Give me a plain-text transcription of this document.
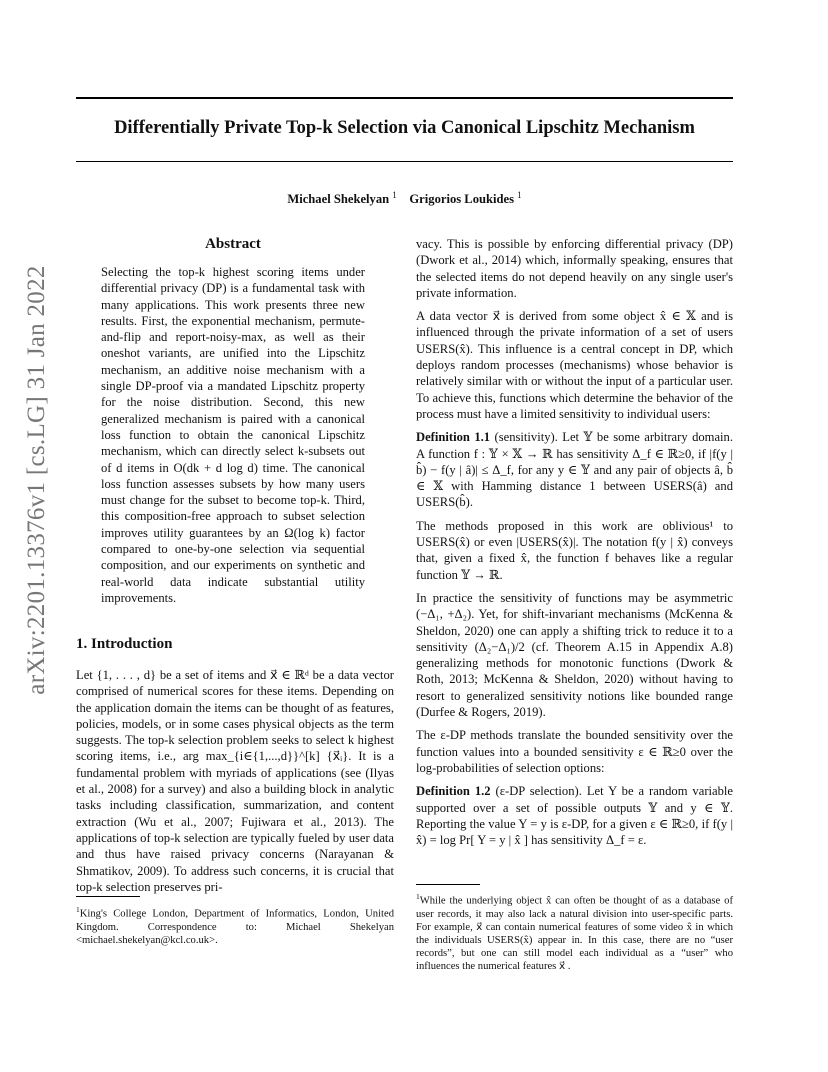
Differentially Private Top-k Selection via Canonical Lipschitz Mechanism
Michael Shekelyan $^1$ Grigorios Loukides $^1$
arXiv:2201.13376v1 [cs.LG] 31 Jan 2022
Abstract
Selecting the top-k highest scoring items under differential privacy (DP) is a fundamental task with many applications. This work presents three new results. First, the exponential mechanism, permute-and-flip and report-noisy-max, as well as their oneshot variants, are unified into the Lipschitz mechanism, an additive noise mechanism with a single DP-proof via a mandated Lipschitz property for the noise distribution. Second, this new generalized mechanism is paired with a canonical loss function to obtain the canonical Lipschitz mechanism, which can directly select k-subsets out of d items in O(dk + d log d) time. The canonical loss function assesses subsets by how many users must change for the subset to become top-k. Third, this composition-free approach to subset selection improves utility guarantees by an Ω(log k) factor compared to one-by-one selection via sequential composition, and our experiments on synthetic and real-world data indicate substantial utility improvements.
1. Introduction
Let {1, . . . , d} be a set of items and x⃗ ∈ ℝᵈ be a data vector comprised of numerical scores for these items. Depending on the application domain the items can be thought of as features, policies, models, or in some cases physical objects as the term suggests. The top-k selection problem seeks to select k highest scoring items, i.e., arg max_{i∈{1,...,d}}^[k] {x⃗ᵢ}. It is a fundamental problem with myriads of applications (see (Ilyas et al., 2008) for a survey) and also a building block in analytic tasks including classification, summarization, and content extraction (Wu et al., 2007; Fujiwara et al., 2013). The applications of top-k selection are typically fueled by user data and thus have raised privacy concerns (Narayanan & Shmatikov, 2009). To address such concerns, it is crucial that top-k selection preserves pri-

vacy. This is possible by enforcing differential privacy (DP) (Dwork et al., 2014) which, informally speaking, ensures that the selected items do not depend heavily on any single user's private information.

A data vector x⃗ is derived from some object x̂ ∈ 𝕏 and is influenced through the private information of a set of users USERS(x̂). This influence is a central concept in DP, which deploys random processes (mechanisms) whose behavior is relatively similar with or without the input of a particular user. To achieve this, functions which determine the behavior of the process must have a limited sensitivity to individual users:

Definition 1.1 (sensitivity). Let 𝕐 be some arbitrary domain. A function f : 𝕐 × 𝕏 → ℝ has sensitivity Δ_f ∈ ℝ≥0, if |f(y | b̂) − f(y | â)| ≤ Δ_f, for any y ∈ 𝕐 and any pair of objects â, b̂ ∈ 𝕏 with Hamming distance 1 between USERS(â) and USERS(b̂).

The methods proposed in this work are oblivious¹ to USERS(x̂) or even |USERS(x̂)|. The notation f(y | x̂) conveys that, given a fixed x̂, the function f behaves like a regular function 𝕐 → ℝ.

In practice the sensitivity of functions may be asymmetric (−Δ₁, +Δ₂). Yet, for shift-invariant mechanisms (McKenna & Sheldon, 2020) one can apply a shifting trick to reduce it to a sensitivity (Δ₂−Δ₁)/2 (cf. Theorem A.15 in Appendix A.8) generalizing methods for monotonic functions (Dwork & Roth, 2013; McKenna & Sheldon, 2020) without having to resort to generalized sensitivity notions like bounded range (Durfee & Rogers, 2019).

The ε-DP methods translate the bounded sensitivity over the function values into a bounded sensitivity ε ∈ ℝ≥0 over the log-probabilities of selection options:

Definition 1.2 (ε-DP selection). Let Y be a random variable supported over a set of possible outputs 𝕐 and y ∈ 𝕐. Reporting the value Y = y is ε-DP, for a given ε ∈ ℝ≥0, if f(y | x̂) = log Pr[ Y = y | x̂ ] has sensitivity Δ_f = ε.

$^1$King's College London, Department of Informatics, London, United Kingdom. Correspondence to: Michael Shekelyan <michael.shekelyan@kcl.co.uk>.
$^1$While the underlying object x̂ can often be thought of as a database of user records, it may also lack a natural division into user-specific parts. For example, x⃗ can contain numerical features of some video x̂ in which the individuals USERS(x̂) appear in. In this case, there are no “user records”, but one can still model each individual as a “user” who influences the numerical features x⃗ .
